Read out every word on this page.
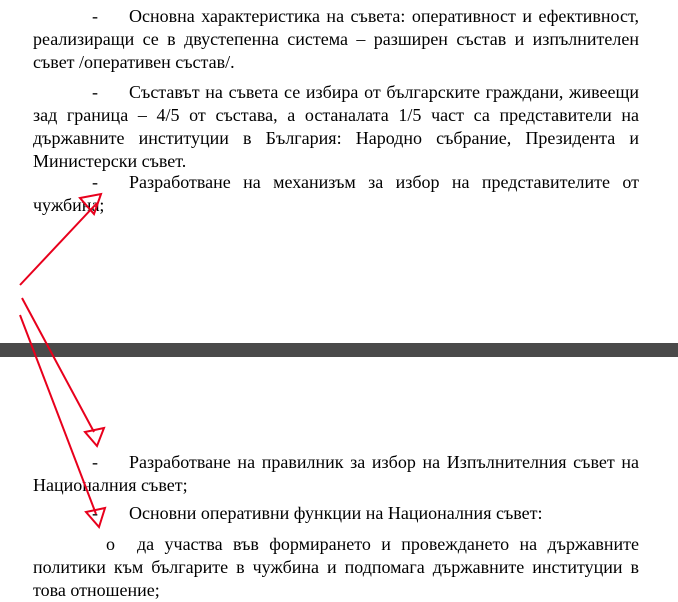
- Основна характеристика на съвета: оперативност и ефективност, реализиращи се в двустепенна система – разширен състав и изпълнителен съвет /оперативен състав/.

- Съставът на съвета се избира от българските граждани, живеещи зад граница – 4/5 от състава, а останалата 1/5 част са представители на държавните институции в България: Народно събрание, Президента и Министерски съвет.

- Разработване на механизъм за избор на представителите от чужбина;

- Разработване на правилник за избор на Изпълнителния съвет на Националния съвет;

- Основни оперативни функции на Националния съвет:

o да участва във формирането и провеждането на държавните политики към българите в чужбина и подпомага държавните институции в това отношение;
